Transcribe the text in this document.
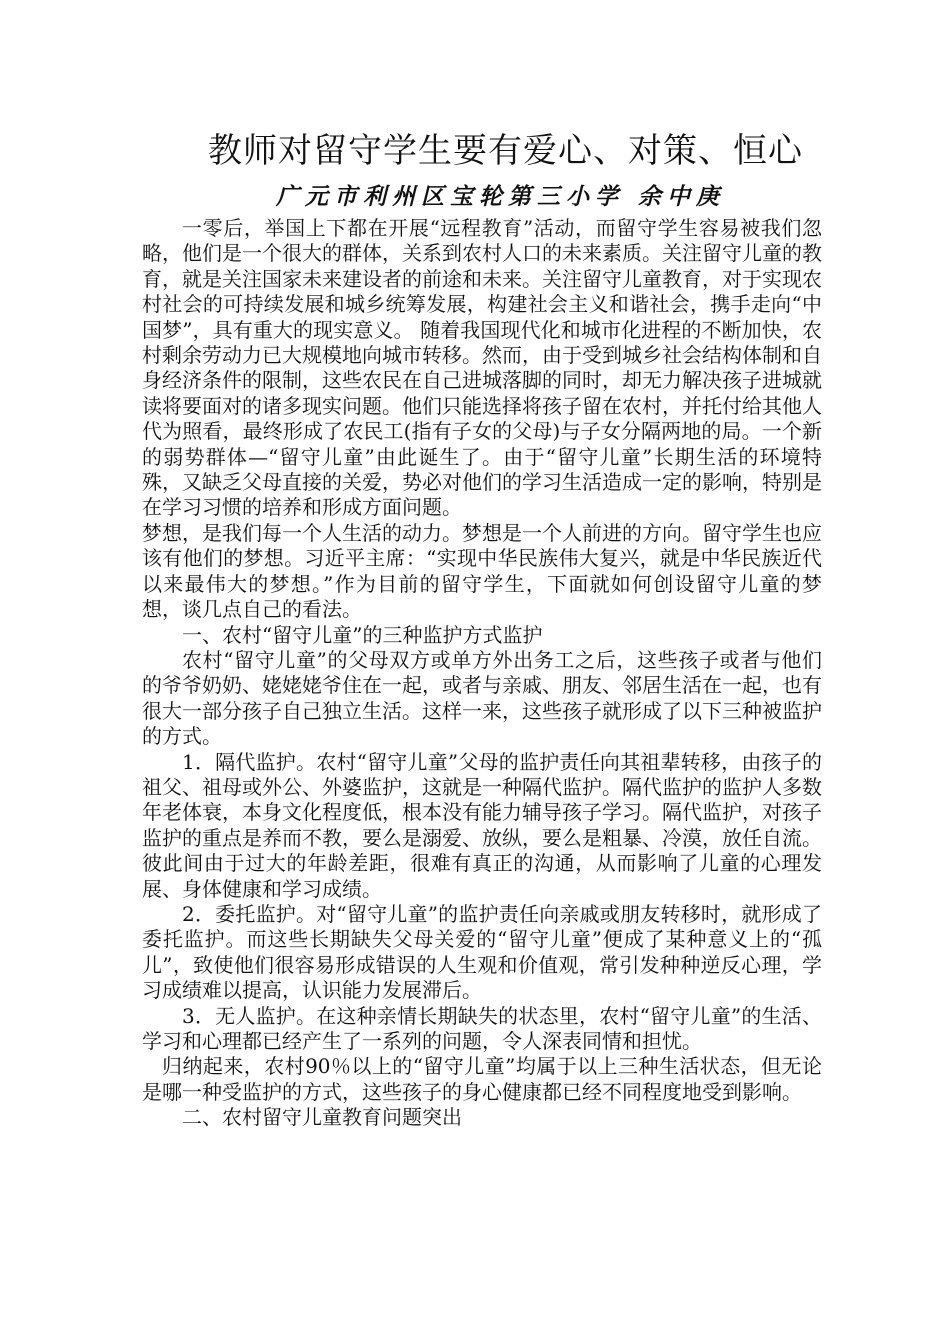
教师对留守学生要有爱心、对策、恒心
广元市利州区宝轮第三小学 余中庚

一零后，举国上下都在开展“远程教育”活动，而留守学生容易被我们忽略，他们是一个很大的群体，关系到农村人口的未来素质。关注留守儿童的教育，就是关注国家未来建设者的前途和未来。关注留守儿童教育，对于实现农村社会的可持续发展和城乡统筹发展，构建社会主义和谐社会，携手走向“中国梦”，具有重大的现实意义。 随着我国现代化和城市化进程的不断加快，农村剩余劳动力已大规模地向城市转移。然而，由于受到城乡社会结构体制和自身经济条件的限制，这些农民在自己进城落脚的同时，却无力解决孩子进城就读将要面对的诸多现实问题。他们只能选择将孩子留在农村，并托付给其他人代为照看，最终形成了农民工(指有子女的父母)与子女分隔两地的局。一个新的弱势群体—“留守儿童”由此诞生了。由于“留守儿童”长期生活的环境特殊，又缺乏父母直接的关爱，势必对他们的学习生活造成一定的影响，特别是在学习习惯的培养和形成方面问题。

梦想，是我们每一个人生活的动力。梦想是一个人前进的方向。留守学生也应该有他们的梦想。习近平主席：“实现中华民族伟大复兴，就是中华民族近代以来最伟大的梦想。”作为目前的留守学生，下面就如何创设留守儿童的梦想，谈几点自己的看法。

一、农村“留守儿童”的三种监护方式监护

农村“留守儿童”的父母双方或单方外出务工之后，这些孩子或者与他们的爷爷奶奶、姥姥姥爷住在一起，或者与亲戚、朋友、邻居生活在一起，也有很大一部分孩子自己独立生活。这样一来，这些孩子就形成了以下三种被监护的方式。

1．隔代监护。农村“留守儿童”父母的监护责任向其祖辈转移，由孩子的祖父、祖母或外公、外婆监护，这就是一种隔代监护。隔代监护的监护人多数年老体衰，本身文化程度低，根本没有能力辅导孩子学习。隔代监护，对孩子监护的重点是养而不教，要么是溺爱、放纵，要么是粗暴、冷漠，放任自流。彼此间由于过大的年龄差距，很难有真正的沟通，从而影响了儿童的心理发展、身体健康和学习成绩。

2．委托监护。对“留守儿童”的监护责任向亲戚或朋友转移时，就形成了委托监护。而这些长期缺失父母关爱的“留守儿童”便成了某种意义上的“孤儿”，致使他们很容易形成错误的人生观和价值观，常引发种种逆反心理，学习成绩难以提高，认识能力发展滞后。

3．无人监护。在这种亲情长期缺失的状态里，农村“留守儿童”的生活、学习和心理都已经产生了一系列的问题，令人深表同情和担忧。

归纳起来，农村90％以上的“留守儿童”均属于以上三种生活状态，但无论是哪一种受监护的方式，这些孩子的身心健康都已经不同程度地受到影响。

二、农村留守儿童教育问题突出
